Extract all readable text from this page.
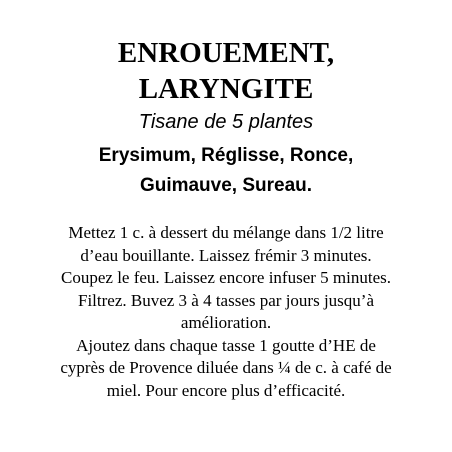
ENROUEMENT,
LARYNGITE
Tisane de 5 plantes
Erysimum, Réglisse, Ronce,
Guimauve, Sureau.
Mettez 1 c. à dessert du mélange dans 1/2 litre
d’eau bouillante. Laissez frémir 3 minutes.
Coupez le feu. Laissez encore infuser 5 minutes.
Filtrez. Buvez 3 à 4 tasses par jours jusqu’à
amélioration.
Ajoutez dans chaque tasse 1 goutte d’HE de
cyprès de Provence diluée dans ¼ de c. à café de
miel. Pour encore plus d’efficacité.
